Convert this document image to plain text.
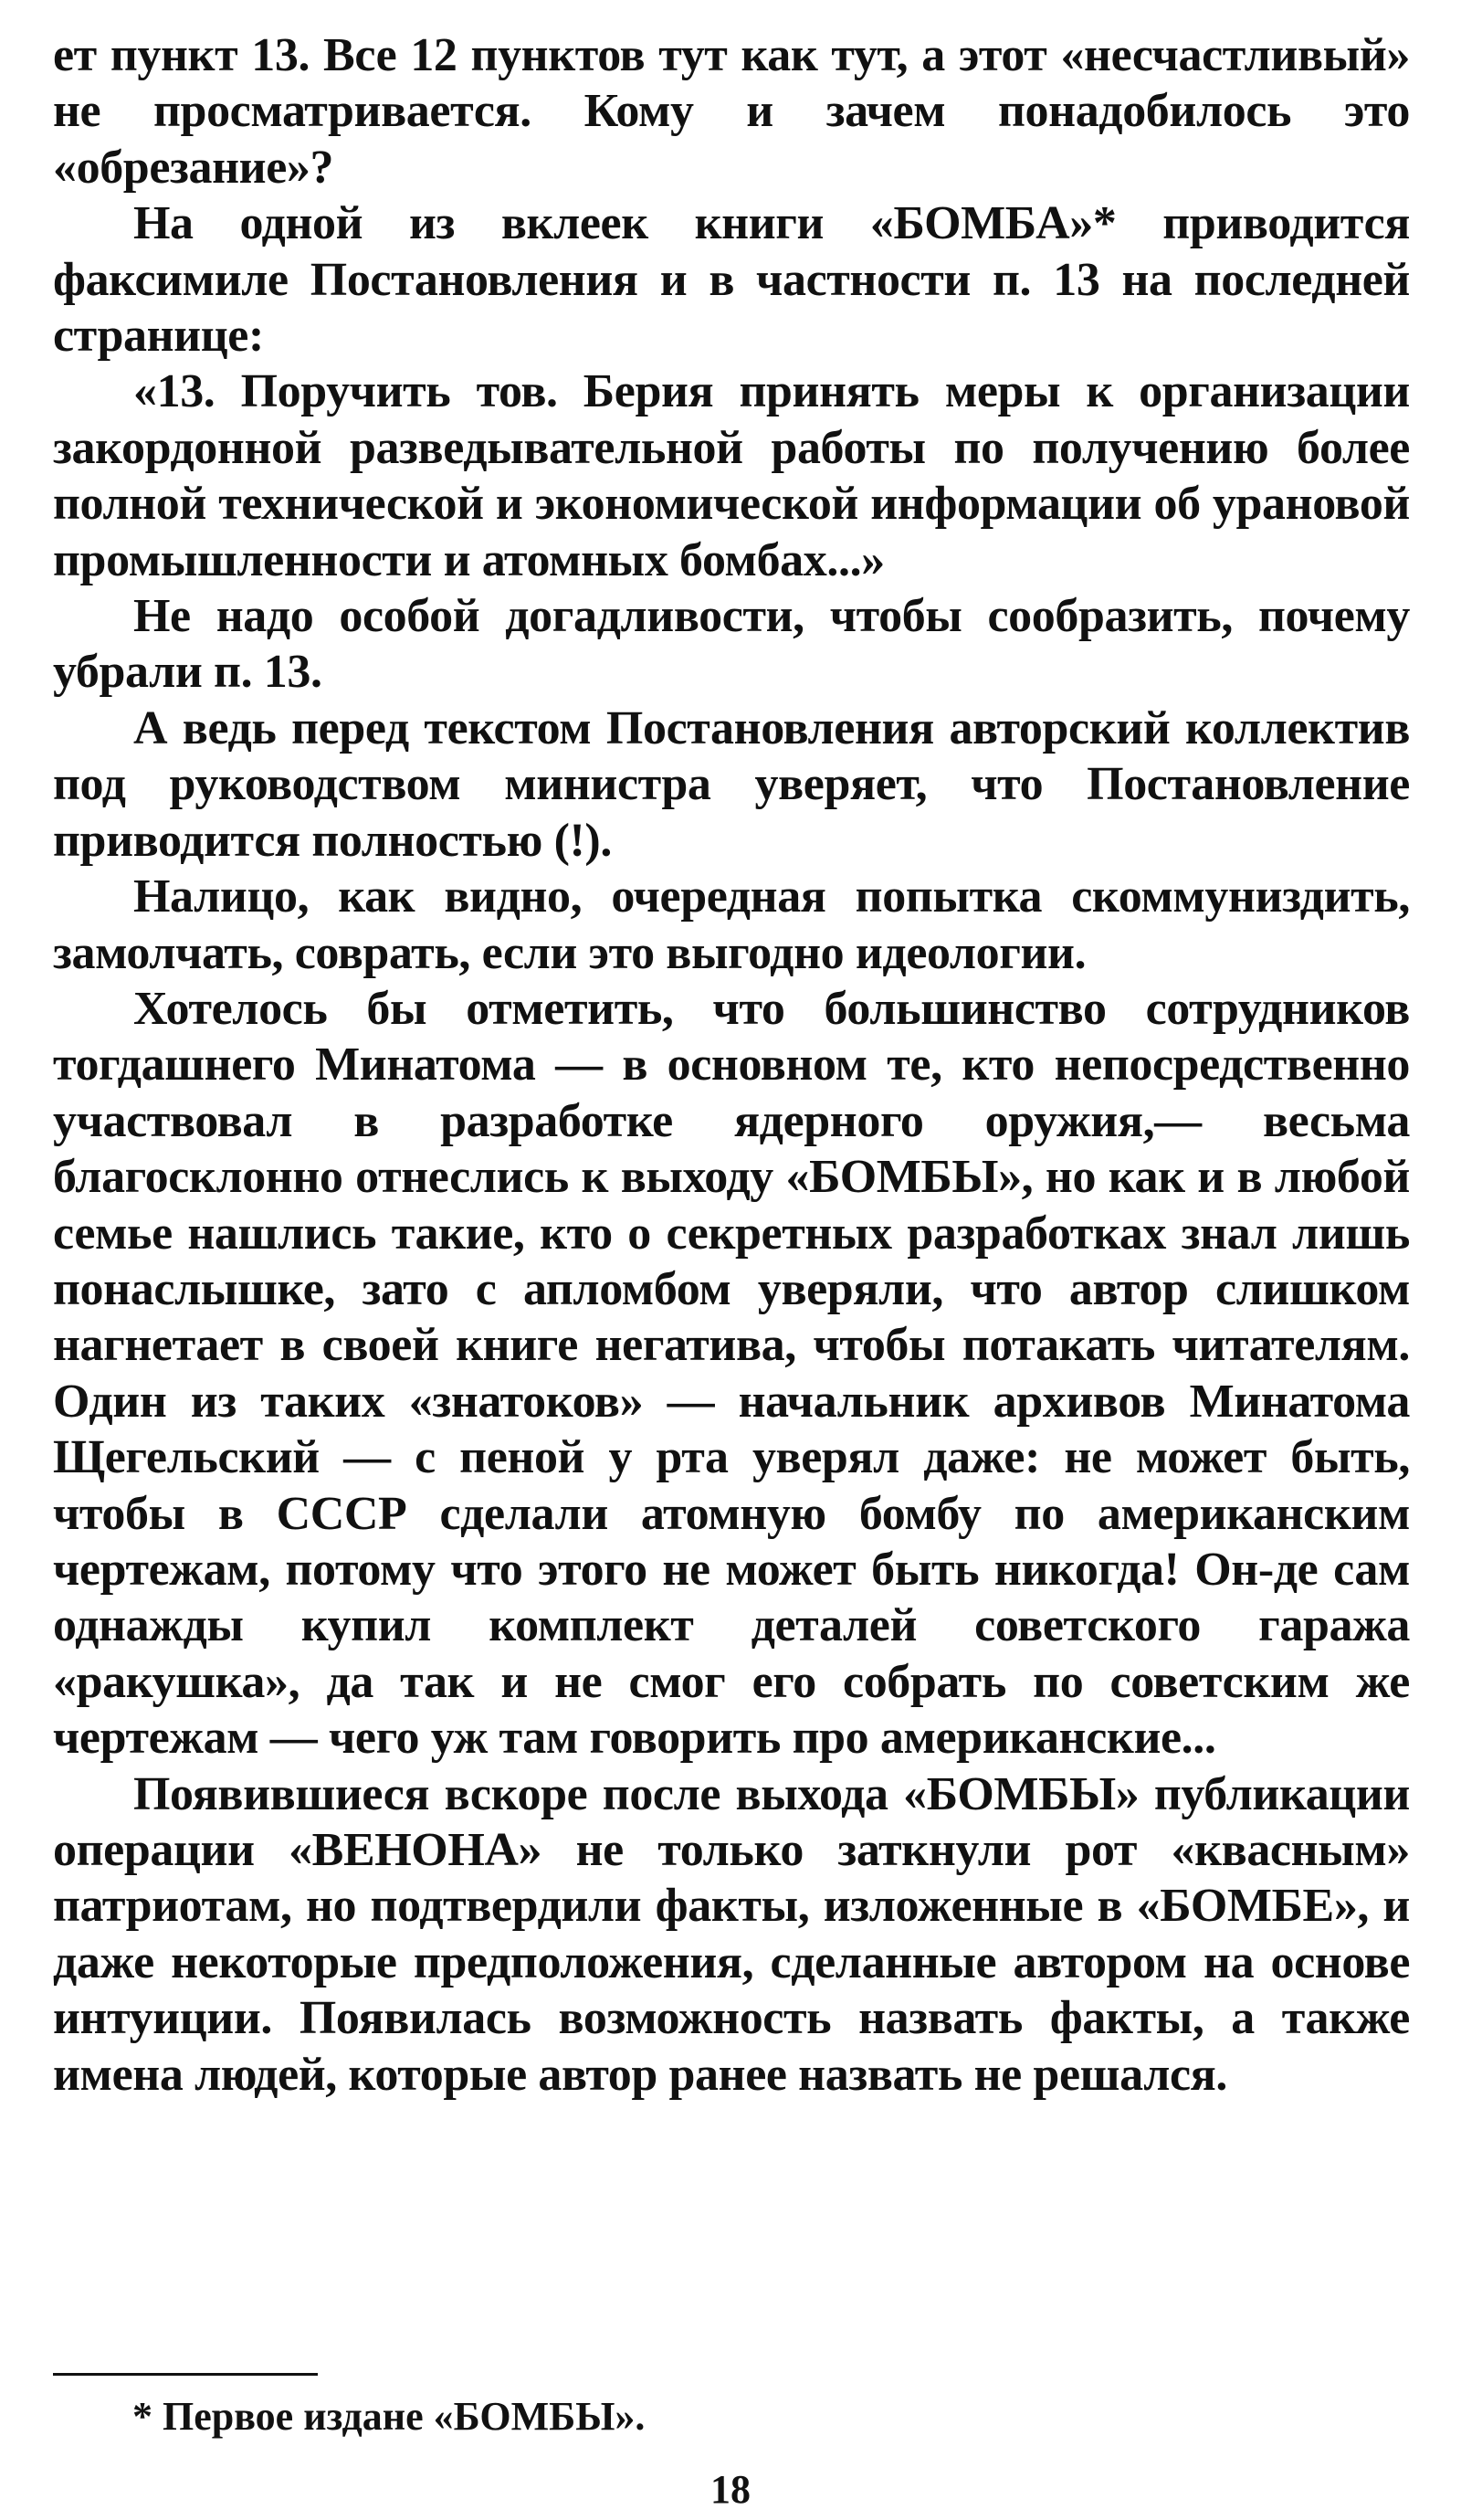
ет пункт 13. Все 12 пунктов тут как тут, а этот «несчастливый» не просматривается. Кому и зачем понадобилось это «обрезание»?

На одной из вклеек книги «БОМБА»* приводится факсимиле Постановления и в частности п. 13 на последней странице:

«13. Поручить тов. Берия принять меры к организации закордонной разведывательной работы по получению более полной технической и экономической информации об урановой промышленности и атомных бомбах...»

Не надо особой догадливости, чтобы сообразить, почему убрали п. 13.

А ведь перед текстом Постановления авторский коллектив под руководством министра уверяет, что Постановление приводится полностью (!).

Налицо, как видно, очередная попытка скоммуниздить, замолчать, соврать, если это выгодно идеологии.

Хотелось бы отметить, что большинство сотрудников тогдашнего Минатома — в основном те, кто непосредственно участвовал в разработке ядерного оружия,— весьма благосклонно отнеслись к выходу «БОМБЫ», но как и в любой семье нашлись такие, кто о секретных разработках знал лишь понаслышке, зато с апломбом уверяли, что автор слишком нагнетает в своей книге негатива, чтобы потакать читателям. Один из таких «знатоков» — начальник архивов Минатома Щегельский — с пеной у рта уверял даже: не может быть, чтобы в СССР сделали атомную бомбу по американским чертежам, потому что этого не может быть никогда! Он-де сам однажды купил комплект деталей советского гаража «ракушка», да так и не смог его собрать по советским же чертежам — чего уж там говорить про американские...

Появившиеся вскоре после выхода «БОМБЫ» публикации операции «ВЕНОНА» не только заткнули рот «квасным» патриотам, но подтвердили факты, изложенные в «БОМБЕ», и даже некоторые предположения, сделанные автором на основе интуиции. Появилась возможность назвать факты, а также имена людей, которые автор ранее назвать не решался.

* Первое издане «БОМБЫ».

18
